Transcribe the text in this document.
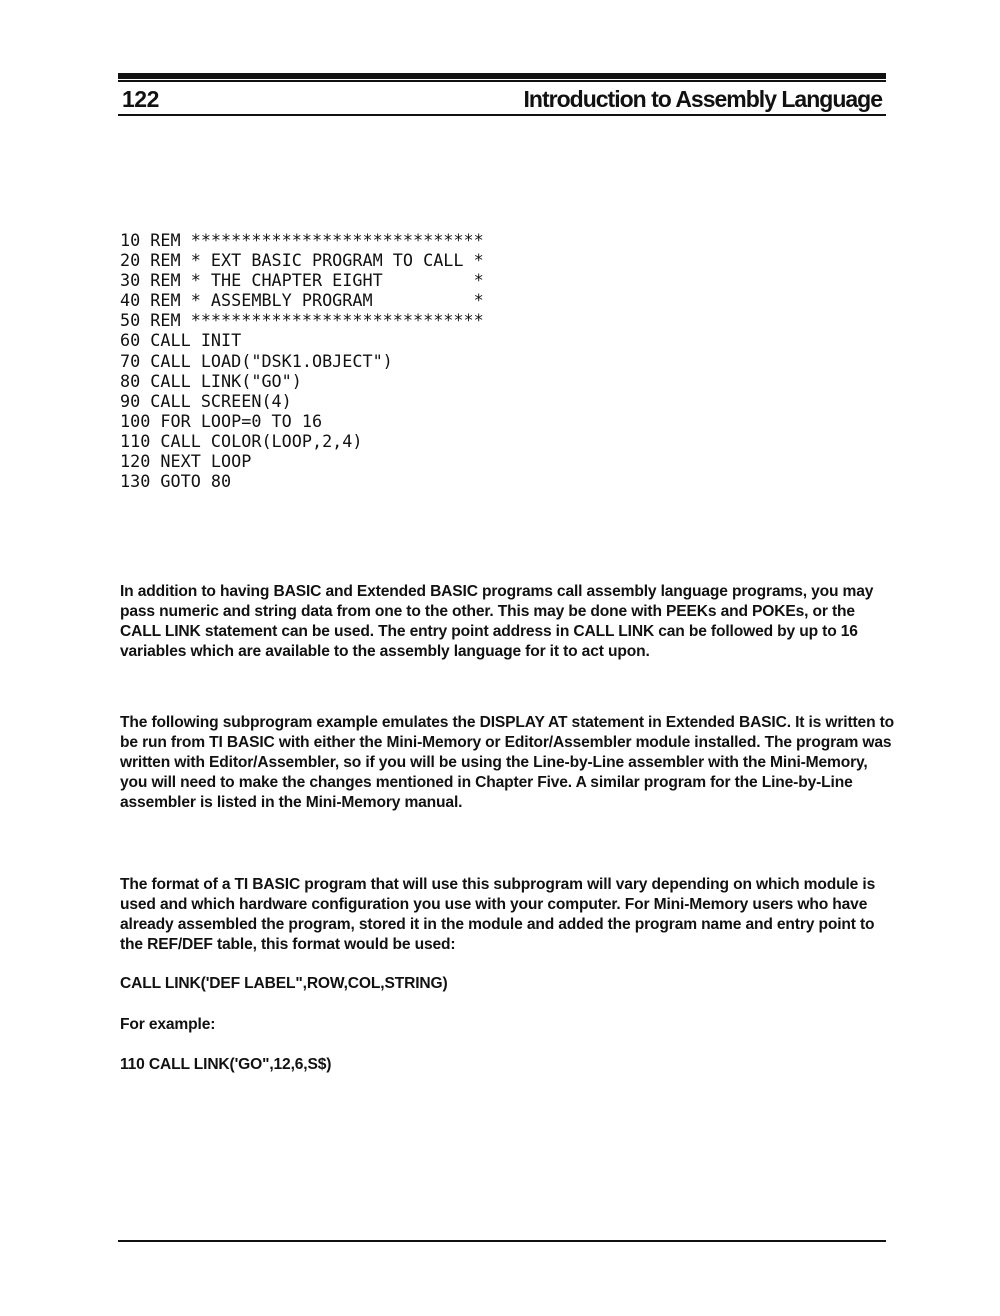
122	Introduction to Assembly Language
10 REM *****************************
20 REM * EXT BASIC PROGRAM TO CALL *
30 REM * THE CHAPTER EIGHT         *
40 REM * ASSEMBLY PROGRAM          *
50 REM *****************************
60 CALL INIT
70 CALL LOAD("DSK1.OBJECT")
80 CALL LINK("GO")
90 CALL SCREEN(4)
100 FOR LOOP=0 TO 16
110 CALL COLOR(LOOP,2,4)
120 NEXT LOOP
130 GOTO 80

In addition to having BASIC and Extended BASIC programs call assembly language programs, you may pass numeric and string data from one to the other. This may be done with PEEKs and POKEs, or the CALL LINK statement can be used. The entry point address in CALL LINK can be followed by up to 16 variables which are available to the assembly language for it to act upon.

The following subprogram example emulates the DISPLAY AT statement in Extended BASIC. It is written to be run from TI BASIC with either the Mini-Memory or Editor/Assembler module installed. The program was written with Editor/Assembler, so if you will be using the Line-by-Line assembler with the Mini-Memory, you will need to make the changes mentioned in Chapter Five. A similar program for the Line-by-Line assembler is listed in the Mini-Memory manual.

The format of a TI BASIC program that will use this subprogram will vary depending on which module is used and which hardware configuration you use with your computer. For Mini-Memory users who have already assembled the program, stored it in the module and added the program name and entry point to the REF/DEF table, this format would be used:

CALL LINK('DEF LABEL",ROW,COL,STRING)

For example:

110 CALL LINK('GO",12,6,S$)
